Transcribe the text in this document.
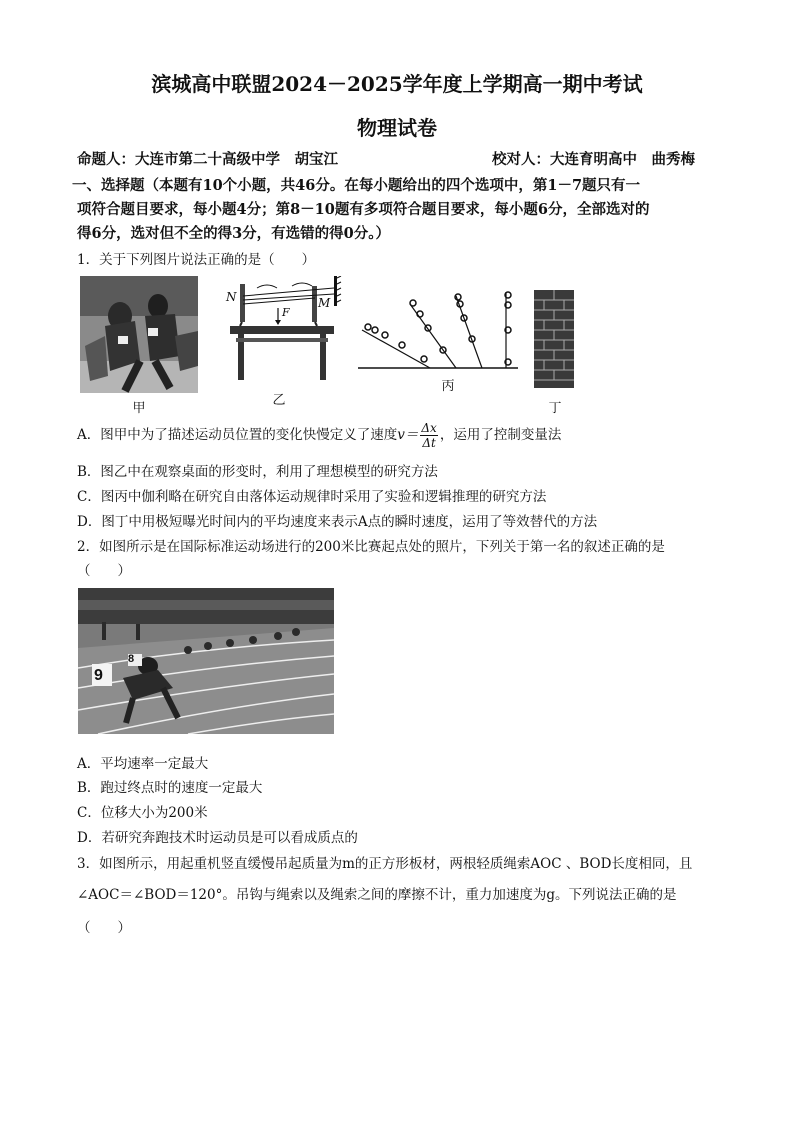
滨城高中联盟2024－2025学年度上学期高一期中考试
物理试卷
命题人：大连市第二十高级中学　胡宝江	校对人：大连育明高中　曲秀梅
一、选择题（本题有10个小题，共46分。在每小题给出的四个选项中，第1－7题只有一
项符合题目要求，每小题4分；第8－10题有多项符合题目要求，每小题6分，全部选对的
得6分，选对但不全的得3分，有选错的得0分。）
1．关于下列图片说法正确的是（　　）
甲
N	M
F
乙
丙
丁
A．图甲中为了描述运动员位置的变化快慢定义了速度$v= \frac{\Delta x}{\Delta t}$ ，运用了控制变量法
B．图乙中在观察桌面的形变时，利用了理想模型的研究方法
C．图丙中伽利略在研究自由落体运动规律时采用了实验和逻辑推理的研究方法
D．图丁中用极短曝光时间内的平均速度来表示A点的瞬时速度，运用了等效替代的方法
2．如图所示是在国际标准运动场进行的200米比赛起点处的照片，下列关于第一名的叙述正确的是
（　　）
9
8
A．平均速率一定最大
B．跑过终点时的速度一定最大
C．位移大小为200米
D．若研究奔跑技术时运动员是可以看成质点的
3．如图所示，用起重机竖直缓慢吊起质量为m的正方形板材，两根轻质绳索AOC 、BOD长度相同，且
∠AOC＝∠BOD＝120°。吊钩与绳索以及绳索之间的摩擦不计，重力加速度为g。下列说法正确的是
（　　）
